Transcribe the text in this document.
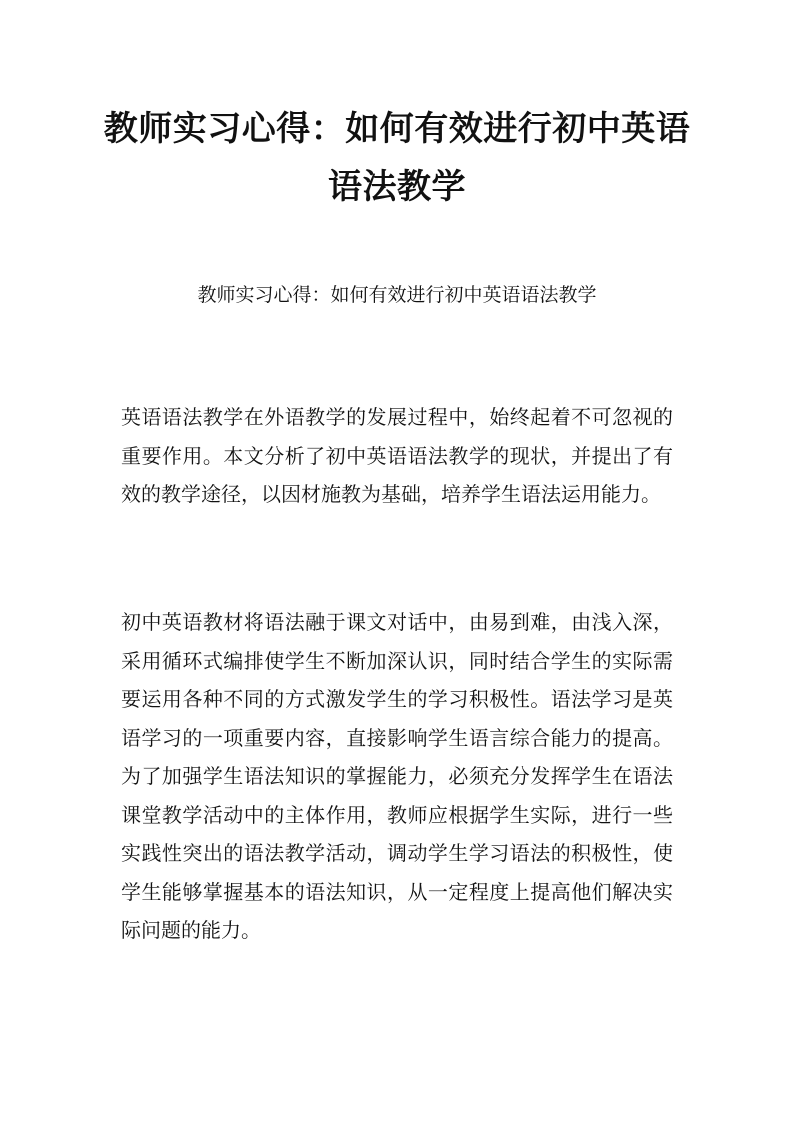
教师实习心得：如何有效进行初中英语语法教学

教师实习心得：如何有效进行初中英语语法教学

英语语法教学在外语教学的发展过程中，始终起着不可忽视的重要作用。本文分析了初中英语语法教学的现状，并提出了有效的教学途径，以因材施教为基础，培养学生语法运用能力。

初中英语教材将语法融于课文对话中，由易到难，由浅入深，采用循环式编排使学生不断加深认识，同时结合学生的实际需要运用各种不同的方式激发学生的学习积极性。语法学习是英语学习的一项重要内容，直接影响学生语言综合能力的提高。为了加强学生语法知识的掌握能力，必须充分发挥学生在语法课堂教学活动中的主体作用，教师应根据学生实际，进行一些实践性突出的语法教学活动，调动学生学习语法的积极性，使学生能够掌握基本的语法知识，从一定程度上提高他们解决实际问题的能力。
